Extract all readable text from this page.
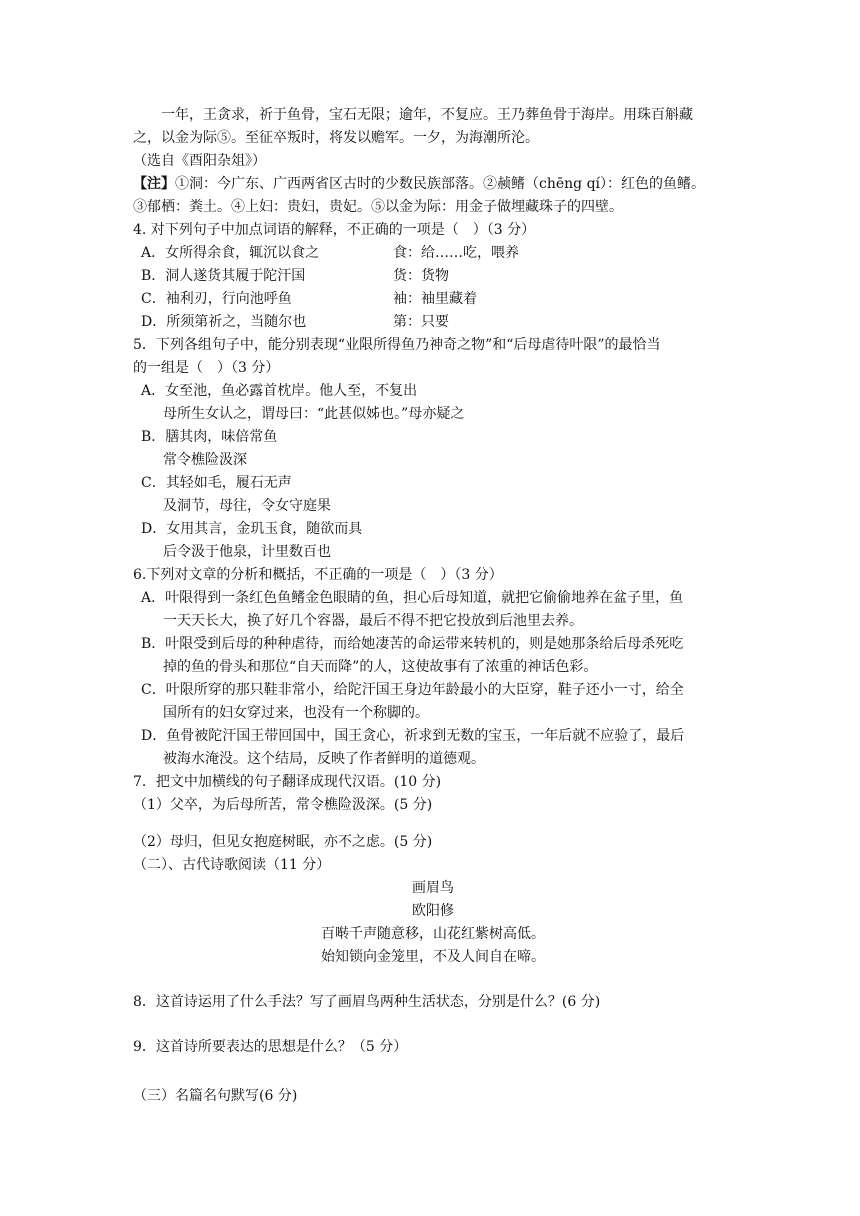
一年，王贪求，祈于鱼骨，宝石无限；逾年，不复应。王乃葬鱼骨于海岸。用珠百斛藏
之，以金为际⑤。至征卒叛时，将发以赡军。一夕，为海潮所沦。
（选自《酉阳杂俎》）
【注】①洞：今广东、广西两省区古时的少数民族部落。②赪鳍（chēng qí）：红色的鱼鳍。
③郁栖：粪土。④上妇：贵妇，贵妃。⑤以金为际：用金子做埋藏珠子的四壁。
4. 对下列句子中加点词语的解释，不正确的一项是（　）（3 分）
A．女所得余食，辄沉以食之	食：给……吃，喂养
B．洞人遂货其履于陀汗国	货：货物
C．袖利刃，行向池呼鱼	袖：袖里藏着
D．所须第祈之，当随尔也	第：只要
5．下列各组句子中，能分别表现“业限所得鱼乃神奇之物”和“后母虐待叶限”的最恰当
的一组是（　）（3 分）
A．女至池，鱼必露首枕岸。他人至，不复出
母所生女认之，谓母曰：“此甚似姊也。”母亦疑之
B．膳其肉，味倍常鱼
常令樵险汲深
C．其轻如毛，履石无声
及洞节，母往，令女守庭果
D．女用其言，金玑玉食，随欲而具
后令汲于他泉，计里数百也
6.下列对文章的分析和概括，不正确的一项是（　）（3 分）
A．叶限得到一条红色鱼鳍金色眼睛的鱼，担心后母知道，就把它偷偷地养在盆子里，鱼
一天天长大，换了好几个容器，最后不得不把它投放到后池里去养。
B．叶限受到后母的种种虐待，而给她凄苦的命运带来转机的，则是她那条给后母杀死吃
掉的鱼的骨头和那位“自天而降”的人，这使故事有了浓重的神话色彩。
C．叶限所穿的那只鞋非常小，给陀汗国王身边年龄最小的大臣穿，鞋子还小一寸，给全
国所有的妇女穿过来，也没有一个称脚的。
D．鱼骨被陀汗国王带回国中，国王贪心，祈求到无数的宝玉，一年后就不应验了，最后
被海水淹没。这个结局，反映了作者鲜明的道德观。
7．把文中加横线的句子翻译成现代汉语。(10 分)
（1）父卒，为后母所苦，常令樵险汲深。(5 分)
（2）母归，但见女抱庭树眠，亦不之虑。(5 分)
（二）、古代诗歌阅读（11 分）
画眉鸟
欧阳修
百啭千声随意移，山花红紫树高低。
始知锁向金笼里，不及人间自在啼。
8．这首诗运用了什么手法？写了画眉鸟两种生活状态，分别是什么？(6 分)
9．这首诗所要表达的思想是什么？（5 分）
（三）名篇名句默写(6 分)
